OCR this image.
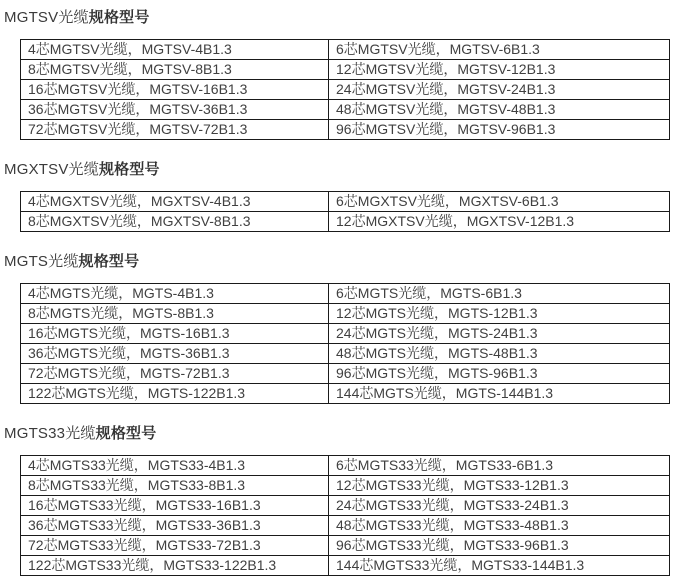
MGTSV光缆规格型号
4芯MGTSV光缆，MGTSV-4B1.3	6芯MGTSV光缆，MGTSV-6B1.3
8芯MGTSV光缆，MGTSV-8B1.3	12芯MGTSV光缆，MGTSV-12B1.3
16芯MGTSV光缆，MGTSV-16B1.3	24芯MGTSV光缆，MGTSV-24B1.3
36芯MGTSV光缆，MGTSV-36B1.3	48芯MGTSV光缆，MGTSV-48B1.3
72芯MGTSV光缆，MGTSV-72B1.3	96芯MGTSV光缆，MGTSV-96B1.3
MGXTSV光缆规格型号
4芯MGXTSV光缆，MGXTSV-4B1.3	6芯MGXTSV光缆，MGXTSV-6B1.3
8芯MGXTSV光缆，MGXTSV-8B1.3	12芯MGXTSV光缆，MGXTSV-12B1.3
MGTS光缆规格型号
4芯MGTS光缆，MGTS-4B1.3	6芯MGTS光缆，MGTS-6B1.3
8芯MGTS光缆，MGTS-8B1.3	12芯MGTS光缆，MGTS-12B1.3
16芯MGTS光缆，MGTS-16B1.3	24芯MGTS光缆，MGTS-24B1.3
36芯MGTS光缆，MGTS-36B1.3	48芯MGTS光缆，MGTS-48B1.3
72芯MGTS光缆，MGTS-72B1.3	96芯MGTS光缆，MGTS-96B1.3
122芯MGTS光缆，MGTS-122B1.3	144芯MGTS光缆，MGTS-144B1.3
MGTS33光缆规格型号
4芯MGTS33光缆，MGTS33-4B1.3	6芯MGTS33光缆，MGTS33-6B1.3
8芯MGTS33光缆，MGTS33-8B1.3	12芯MGTS33光缆，MGTS33-12B1.3
16芯MGTS33光缆，MGTS33-16B1.3	24芯MGTS33光缆，MGTS33-24B1.3
36芯MGTS33光缆，MGTS33-36B1.3	48芯MGTS33光缆，MGTS33-48B1.3
72芯MGTS33光缆，MGTS33-72B1.3	96芯MGTS33光缆，MGTS33-96B1.3
122芯MGTS33光缆，MGTS33-122B1.3	144芯MGTS33光缆，MGTS33-144B1.3
